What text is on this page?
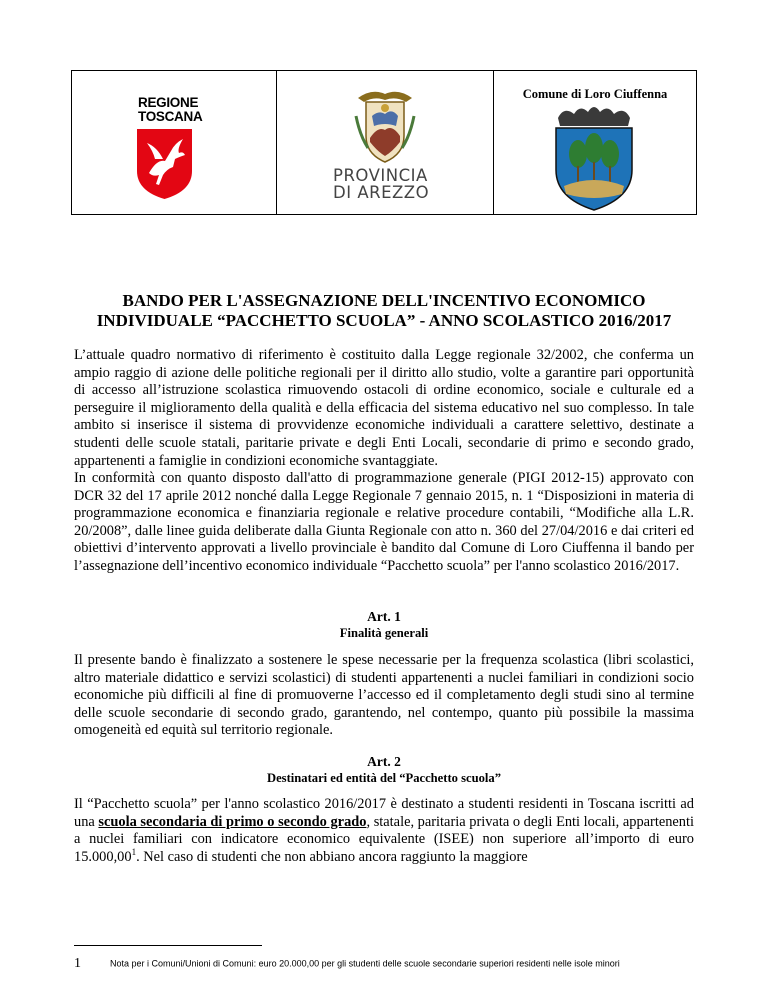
REGIONE
TOSCANA
PROVINCIA
DI AREZZO
Comune di Loro Ciuffenna
BANDO PER L'ASSEGNAZIONE DELL'INCENTIVO ECONOMICO
INDIVIDUALE “PACCHETTO SCUOLA” - ANNO SCOLASTICO 2016/2017

L’attuale quadro normativo di riferimento è costituito dalla Legge regionale 32/2002, che conferma un ampio raggio di azione delle politiche regionali per il diritto allo studio, volte a garantire pari opportunità di accesso all’istruzione scolastica rimuovendo ostacoli di ordine economico, sociale e culturale ed a perseguire il miglioramento della qualità e della efficacia del sistema educativo nel suo complesso. In tale ambito si inserisce il sistema di provvidenze economiche individuali a carattere selettivo, destinate a studenti delle scuole statali, paritarie private e degli Enti Locali, secondarie di primo e secondo grado, appartenenti a famiglie in condizioni economiche svantaggiate.

In conformità con quanto disposto dall'atto di programmazione generale (PIGI 2012-15) approvato con DCR 32 del 17 aprile 2012 nonché dalla Legge Regionale 7 gennaio 2015, n. 1 “Disposizioni in materia di programmazione economica e finanziaria regionale e relative procedure contabili, “Modifiche alla L.R. 20/2008”, dalle linee guida deliberate dalla Giunta Regionale con atto n. 360 del 27/04/2016 e dai criteri ed obiettivi d’intervento approvati a livello provinciale è bandito dal Comune di Loro Ciuffenna il bando per l’assegnazione dell’incentivo economico individuale “Pacchetto scuola” per l'anno scolastico 2016/2017.

Art. 1
Finalità generali

Il presente bando è finalizzato a sostenere le spese necessarie per la frequenza scolastica (libri scolastici, altro materiale didattico e servizi scolastici) di studenti appartenenti a nuclei familiari in condizioni socio economiche più difficili al fine di promuoverne l’accesso ed il completamento degli studi sino al termine delle scuole secondarie di secondo grado, garantendo, nel contempo, quanto più possibile la massima omogeneità ed equità sul territorio regionale.

Art. 2
Destinatari ed entità del “Pacchetto scuola”

Il “Pacchetto scuola” per l'anno scolastico 2016/2017 è destinato a studenti residenti in Toscana iscritti ad una scuola secondaria di primo o secondo grado, statale, paritaria privata o degli Enti locali, appartenenti a nuclei familiari con indicatore economico equivalente (ISEE) non superiore all’importo di euro 15.000,00$^1$. Nel caso di studenti che non abbiano ancora raggiunto la maggiore

1	Nota per i Comuni/Unioni di Comuni: euro 20.000,00 per gli studenti delle scuole secondarie superiori residenti nelle isole minori
